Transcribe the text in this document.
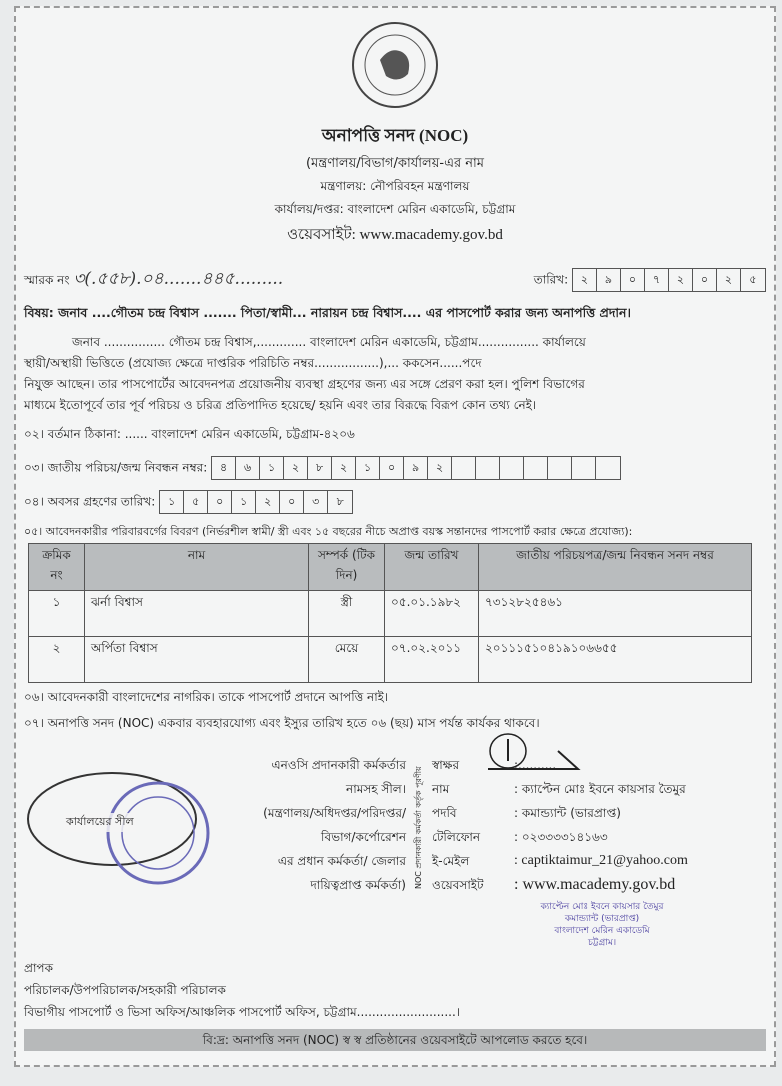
অনাপত্তি সনদ (NOC)
(মন্ত্রণালয়/বিভাগ/কার্যালয়-এর নাম
মন্ত্রণালয়: নৌপরিবহন মন্ত্রণালয়
কার্যালয়/দপ্তর: বাংলাদেশ মেরিন একাডেমি, চট্টগ্রাম
ওয়েবসাইট: www.macademy.gov.bd
স্মারক নং ৩(.৫৫৮).০৪.......৪৪৫.........	তারিখ:	২	৯	০	৭	২	০	২	৫
বিষয়: জনাব ....গৌতম চন্দ্র বিশ্বাস ....... পিতা/স্বামী... নারায়ন চন্দ্র বিশ্বাস.... এর পাসপোর্ট করার জন্য অনাপত্তি প্রদান।
জনাব ................ গৌতম চন্দ্র বিশ্বাস,............. বাংলাদেশ মেরিন একাডেমি, চট্টগ্রাম................ কার্যালয়ে
স্থায়ী/অস্থায়ী ভিত্তিতে (প্রযোজ্য ক্ষেত্রে দাপ্তরিক পরিচিতি নম্বর.................),... ককসেন......পদে
নিযুক্ত আছেন। তার পাসপোর্টের আবেদনপত্র প্রয়োজনীয় ব্যবস্থা গ্রহণের জন্য এর সঙ্গে প্রেরণ করা হল। পুলিশ বিভাগের
মাধ্যমে ইতোপূর্বে তার পূর্ব পরিচয় ও চরিত্র প্রতিপাদিত হয়েছে/ হয়নি এবং তার বিরূদ্ধে বিরূপ কোন তথ্য নেই।
০২। বর্তমান ঠিকানা: ...... বাংলাদেশ মেরিন একাডেমি, চট্টগ্রাম-৪২০৬
০৩। জাতীয় পরিচয়/জন্ম নিবন্ধন নম্বর:	৪	৬	১	২	৮	২	১	০	৯	২
০৪। অবসর গ্রহণের তারিখ:	১	৫	০	১	২	০	৩	৮
০৫। আবেদনকারীর পরিবারবর্গের বিবরণ (নির্ভরশীল স্বামী/ স্ত্রী এবং ১৫ বছরের নীচে অপ্রাপ্ত বয়স্ক সন্তানদের পাসপোর্ট করার ক্ষেত্রে প্রযোজ্য):
ক্রমিক নং	নাম	সম্পর্ক (টিক দিন)	জন্ম তারিখ	জাতীয় পরিচয়পত্র/জন্ম নিবন্ধন সনদ নম্বর
১	ঝর্না বিশ্বাস	স্ত্রী	০৫.০১.১৯৮২	৭৩১২৮২৫৪৬১
২	অর্পিতা বিশ্বাস	মেয়ে	০৭.০২.২০১১	২০১১১৫১০৪১৯১০৬৬৫৫
০৬। আবেদনকারী বাংলাদেশের নাগরিক। তাকে পাসপোর্ট প্রদানে আপত্তি নাই।
০৭। অনাপত্তি সনদ (NOC) একবার ব্যবহারযোগ্য এবং ইস্যুর তারিখ হতে ০৬ (ছয়) মাস পর্যন্ত কার্যকর থাকবে।
কার্যালয়ের সীল
এনওসি প্রদানকারী কর্মকর্তার
নামসহ সীল।
(মন্ত্রণালয়/অধিদপ্তর/পরিদপ্তর/
বিভাগ/কর্পোরেশন
এর প্রধান কর্মকর্তা/ জেলার
দায়িত্বপ্রাপ্ত কর্মকর্তা) NOC প্রদানকারী কর্মকর্তা কর্তৃক পূরণীয়
স্বাক্ষর	:..........
নাম	: ক্যাপ্টেন মোঃ ইবনে কায়সার তৈমুর
পদবি	: কমান্ড্যান্ট (ভারপ্রাপ্ত)
টেলিফোন	: ০২৩৩৩৩১৪১৬৩
ই-মেইল	: captiktaimur_21@yahoo.com
ওয়েবসাইট	: www.macademy.gov.bd
ক্যাপ্টেন মোঃ ইবনে কায়সার তৈমুর
কমান্ড্যান্ট (ভারপ্রাপ্ত)
বাংলাদেশ মেরিন একাডেমি
চট্টগ্রাম।
প্রাপক
পরিচালক/উপপরিচালক/সহকারী পরিচালক
বিভাগীয় পাসপোর্ট ও ভিসা অফিস/আঞ্চলিক পাসপোর্ট অফিস, চট্টগ্রাম..........................।
বি:দ্র: অনাপত্তি সনদ (NOC) স্ব স্ব প্রতিষ্ঠানের ওয়েবসাইটে আপলোড করতে হবে।
